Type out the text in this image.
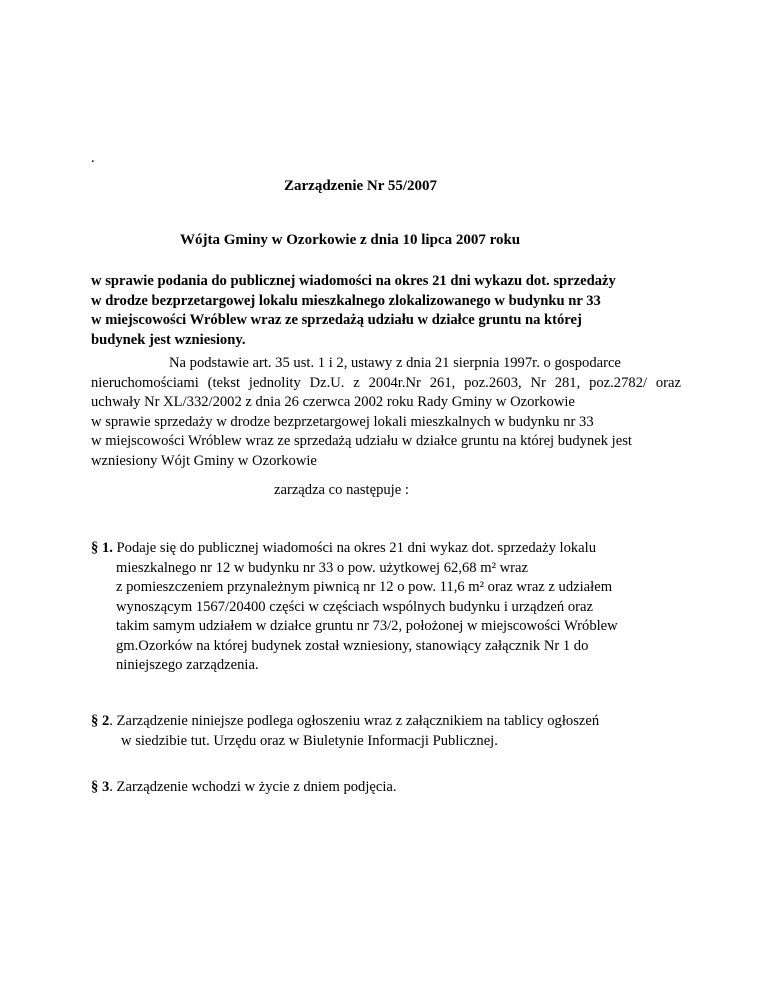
.
Zarządzenie Nr 55/2007
Wójta Gminy w Ozorkowie z dnia 10 lipca 2007 roku
w sprawie podania do publicznej wiadomości na okres 21 dni wykazu dot. sprzedaży
w drodze bezprzetargowej lokalu mieszkalnego zlokalizowanego w budynku nr 33
w miejscowości Wróblew wraz ze sprzedażą udziału w działce gruntu na której
budynek jest wzniesiony.
Na podstawie art. 35 ust. 1 i 2, ustawy z dnia 21 sierpnia 1997r. o gospodarce
nieruchomościami (tekst jednolity Dz.U. z 2004r.Nr 261, poz.2603, Nr 281, poz.2782/ oraz
uchwały Nr XL/332/2002 z dnia 26 czerwca 2002 roku Rady Gminy w Ozorkowie
w sprawie sprzedaży w drodze bezprzetargowej lokali mieszkalnych w budynku nr 33
w miejscowości Wróblew wraz ze sprzedażą udziału w działce gruntu na której budynek jest
wzniesiony Wójt Gminy w Ozorkowie
zarządza co następuje :
§ 1. Podaje się do publicznej wiadomości na okres 21 dni wykaz dot. sprzedaży lokalu
mieszkalnego nr 12 w budynku nr 33 o pow. użytkowej 62,68 m² wraz
z pomieszczeniem przynależnym piwnicą nr 12 o pow. 11,6 m² oraz wraz z udziałem
wynoszącym 1567/20400 części w częściach wspólnych budynku i urządzeń oraz
takim samym udziałem w działce gruntu nr 73/2, położonej w miejscowości Wróblew
gm.Ozorków na której budynek został wzniesiony, stanowiący załącznik Nr 1 do
niniejszego zarządzenia.
§ 2. Zarządzenie niniejsze podlega ogłoszeniu wraz z załącznikiem na tablicy ogłoszeń
w siedzibie tut. Urzędu oraz w Biuletynie Informacji Publicznej.
§ 3. Zarządzenie wchodzi w życie z dniem podjęcia.
